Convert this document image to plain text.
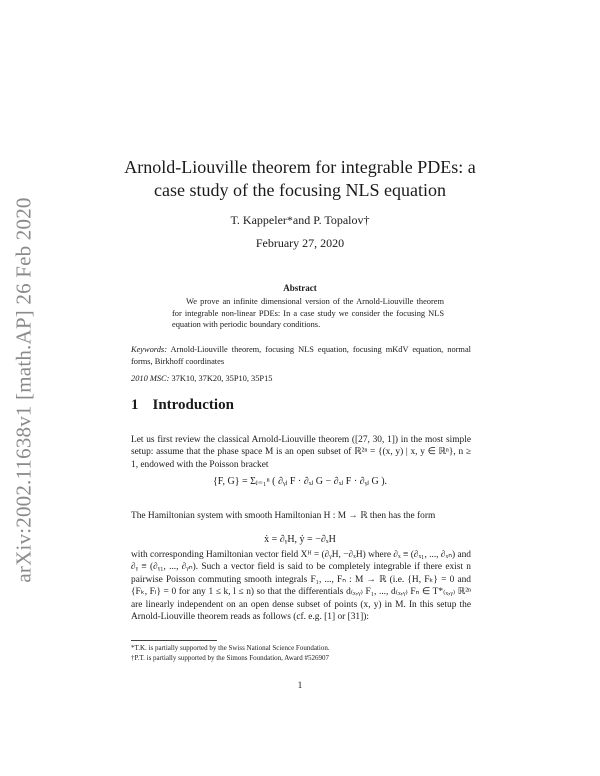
arXiv:2002.11638v1 [math.AP] 26 Feb 2020
Arnold-Liouville theorem for integrable PDEs: a case study of the focusing NLS equation
T. Kappeler*and P. Topalov†
February 27, 2020
Abstract
We prove an infinite dimensional version of the Arnold-Liouville theorem for integrable non-linear PDEs: In a case study we consider the focusing NLS equation with periodic boundary conditions.
Keywords: Arnold-Liouville theorem, focusing NLS equation, focusing mKdV equation, normal forms, Birkhoff coordinates
2010 MSC: 37K10, 37K20, 35P10, 35P15
1 Introduction
Let us first review the classical Arnold-Liouville theorem ([27, 30, 1]) in the most simple setup: assume that the phase space M is an open subset of ℝ²ⁿ = {(x, y) | x, y ∈ ℝⁿ}, n ≥ 1, endowed with the Poisson bracket
{F, G} = Σⱼ₌₁ⁿ ( ∂ᵧⱼ F · ∂ₓⱼ G − ∂ₓⱼ F · ∂ᵧⱼ G ).
The Hamiltonian system with smooth Hamiltonian H : M → ℝ then has the form
ẋ = ∂ᵧH, ẏ = −∂ₓH
with corresponding Hamiltonian vector field Xᴴ = (∂ᵧH, −∂ₓH) where ∂ₓ ≡ (∂ₓ₁, ..., ∂ₓₙ) and ∂ᵧ ≡ (∂ᵧ₁, ..., ∂ᵧₙ). Such a vector field is said to be completely integrable if there exist n pairwise Poisson commuting smooth integrals F₁, ..., Fₙ : M → ℝ (i.e. {H, Fₖ} = 0 and {Fₖ, Fₗ} = 0 for any 1 ≤ k, l ≤ n) so that the differentials d₍ₓ,ᵧ₎ F₁, ..., d₍ₓ,ᵧ₎ Fₙ ∈ T*₍ₓ,ᵧ₎ ℝ²ⁿ are linearly independent on an open dense subset of points (x, y) in M. In this setup the Arnold-Liouville theorem reads as follows (cf. e.g. [1] or [31]):
*T.K. is partially supported by the Swiss National Science Foundation.
†P.T. is partially supported by the Simons Foundation, Award #526907
1
